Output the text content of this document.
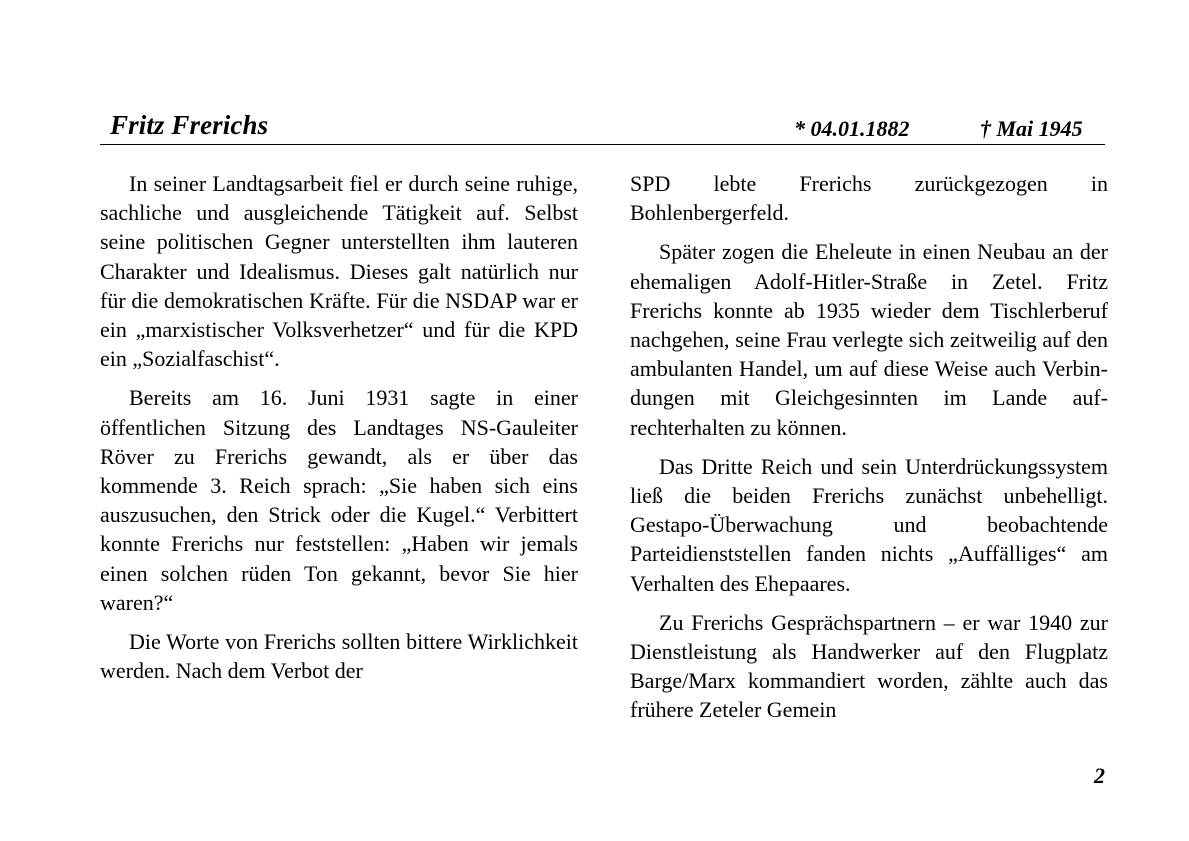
Fritz Frerichs	* 04.01.1882	† Mai 1945

In seiner Landtagsarbeit fiel er durch seine ruhige, sachliche und ausgleichende Tätigkeit auf. Selbst seine politischen Gegner unterstellten ihm lauteren Charakter und Idealismus. Dieses galt natürlich nur für die demokratischen Kräfte. Für die NSDAP war er ein „marxistischer Volksverhetzer“ und für die KPD ein „Sozialfaschist“.

Bereits am 16. Juni 1931 sagte in einer öffentlichen Sitzung des Landtages NS-Gauleiter Röver zu Frerichs gewandt, als er über das kommende 3. Reich sprach: „Sie haben sich eins auszusuchen, den Strick oder die Kugel.“ Verbittert konnte Frerichs nur feststellen: „Haben wir jemals einen solchen rüden Ton gekannt, bevor Sie hier waren?“

Die Worte von Frerichs sollten bittere Wirklichkeit werden. Nach dem Verbot der

SPD lebte Frerichs zurückgezogen in Bohlenbergerfeld.

Später zogen die Eheleute in einen Neubau an der ehemaligen Adolf-Hitler-Straße in Zetel. Fritz Frerichs konnte ab 1935 wieder dem Tischlerberuf nachgehen, seine Frau verlegte sich zeitweilig auf den ambulanten Handel, um auf diese Weise auch Verbindungen mit Gleichgesinnten im Lande aufrechterhalten zu können.

Das Dritte Reich und sein Unterdrückungssystem ließ die beiden Frerichs zunächst unbehelligt. Gestapo-Überwachung und beobachtende Parteidienststellen fanden nichts „Auffälliges“ am Verhalten des Ehepaares.

Zu Frerichs Gesprächspartnern – er war 1940 zur Dienstleistung als Handwerker auf den Flugplatz Barge/Marx kommandiert worden, zählte auch das frühere Zeteler Gemein

2
